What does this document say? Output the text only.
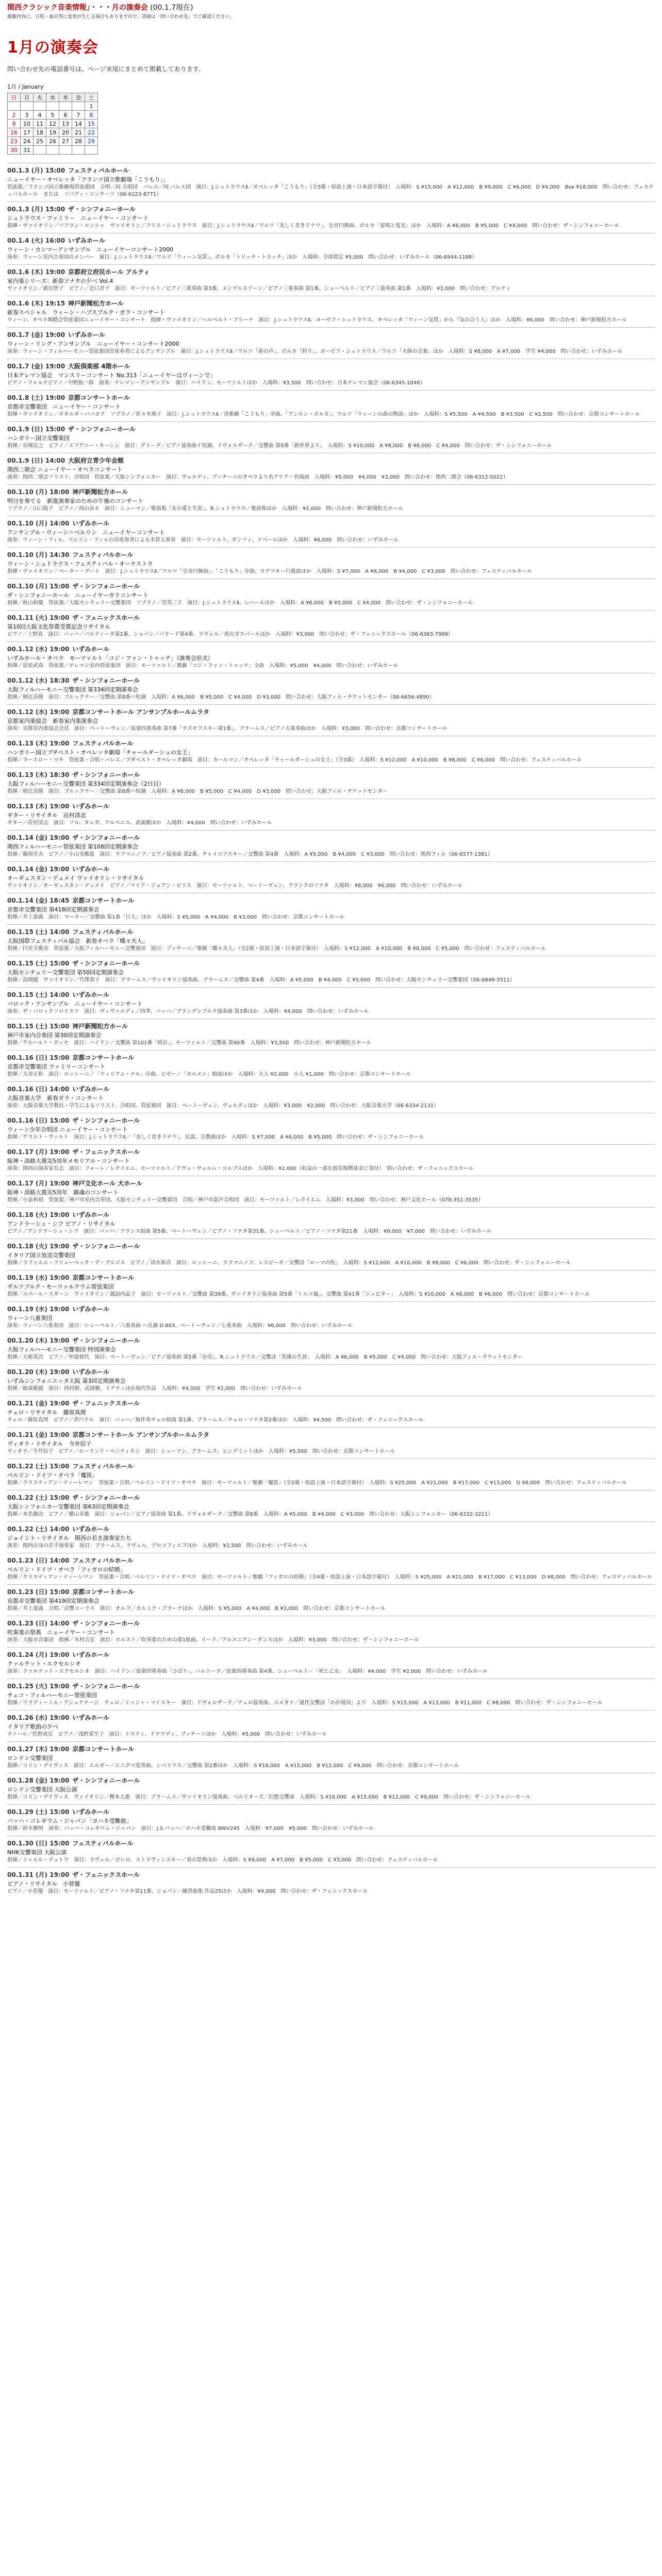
関西クラシック音楽情報」・・・月の演奏会 (00.1.7現在)
掲載内容に、日程・曲目等に変更が生じる場合もありますので、詳細は「問い合わせ先」でご確認ください。
1月の演奏会
問い合わせ先の電話番号は、ページ末尾にまとめて掲載してあります。
1月 / January
日	月	火	水	木	金	土
						1
2	3	4	5	6	7	8
9	10	11	12	13	14	15
16	17	18	19	20	21	22
23	24	25	26	27	28	29
30	31					
00.1.3 (月) 15:00 フェスティバルホール
ニューイヤー・オペレッタ「フランツ国立歌劇場「こうもり」」
管弦楽／フランツ国立歌劇場管弦楽団　合唱／同 合唱団　バレエ／同 バレエ団　演目：J.シュトラウスⅡ／オペレッタ「こうもり」（全3幕・原語上演・日本語字幕付）　入場料：S ¥15,000　A ¥12,000　B ¥9,000　C ¥6,000　D ¥4,000　Box ¥18,000　問い合わせ：フェスティバルホール　または　ソバディ・コンサーツ（06-6223-8771）
00.1.3 (月) 15:00 ザ・シンフォニーホール
シュトラウス・ファミリー　ニューイヤー・コンサート
指揮・ヴァイオリン／ソフラン・ロンシャ　ヴァイオリン／フリス・シュトラウス　演目：J.シュトラウスⅡ／ワルツ「美しく青きドナウ」、皇帝円舞曲、ポルカ「雷鳴と電光」ほか　入場料：A ¥6,000　B ¥5,000　C ¥4,000　問い合わせ：ザ・シンフォニーホール
00.1.4 (火) 16:00 いずみホール
ウィーン・カンマーアンサンブル　ニューイヤーコンサート2000
演奏：ウィーン室内合奏団のメンバー　演目：J.シュトラウスⅡ／ワルツ「ウィーン気質」、ポルカ「トリッチ・トラッチ」ほか　入場料：全席指定 ¥5,000　問い合わせ：いずみホール（06-6944-1188）
00.1.6 (木) 19:00 京都府立府民ホール アルティ
室内楽シリーズ：新春ソナタの夕べ Vol.4
ヴァイオリン／新田智子　ピアノ／北口君子　演目：モーツァルト／ピアノ三重奏曲 第3番、メンデルスゾーン／ピアノ三重奏曲 第1番、シューベルト／ピアノ三重奏曲 第1番　入場料：¥3,000　問い合わせ：アルティ
00.1.6 (木) 19:15 神戸新聞松方ホール
新春スペシャル　ウィーン・ハプスブルク・ガラ・コンサート
ウィーン、オペラ舞踏会管弦楽団ニューイヤー・コンサート　指揮・ヴァイオリン／ヘルベルト・ブリーナ　演目：J.シュトラウスⅡ、ヨーゼフ・シュトラウス、オペレッタ「ウィーン気質」から『気の合う人』ほか　入場料：¥6,000　問い合わせ：神戸新聞松方ホール
00.1.7 (金) 19:00 いずみホール
ウィーン・リング・アンサンブル　ニューイヤー・コンサート2000
演奏：ウィーン・フィルハーモニー管弦楽団首席奏者によるアンサンブル　演目：J.シュトラウスⅡ／ワルツ「春の声」、ポルカ「狩り」、ヨーゼフ・シュトラウス／ワルツ「天体の音楽」ほか　入場料：S ¥8,000　A ¥7,000　学生 ¥4,000　問い合わせ：いずみホール
00.1.7 (金) 19:00 大阪倶楽部 4階ホール
日本テレマン協会　マンスリーコンサート No.313「ニューイヤーはヴィーンで」
ピアノ・フォルテピアノ／中野振一郎　演奏：テレマン・アンサンブル　演目：ハイドン、モーツァルトほか　入場料：¥3,500　問い合わせ：日本テレマン協会（06-6345-1046）
00.1.8 (土) 19:00 京都コンサートホール
京都市交響楽団　ニューイヤー・コンサート
指揮・ヴァイオリン／ギオルギ・ババヨフ　ソプラノ／佐々木典子　演目：J.シュトラウスⅡ／喜歌劇「こうもり」序曲、「アンネン・ポルカ」、ワルツ「ウィーンの森の物語」ほか　入場料：S ¥5,500　A ¥4,500　B ¥3,500　C ¥2,500　問い合わせ：京都コンサートホール
00.1.9 (日) 15:00 ザ・シンフォニーホール
ハンガリー国立交響楽団
指揮／岩城宏之　ピアノ／エフゲニー・キーシン　演目：グリーグ／ピアノ協奏曲イ短調、ドヴォルザーク／交響曲 第9番「新世界より」　入場料：S ¥10,000　A ¥8,000　B ¥6,000　C ¥4,000　問い合わせ：ザ・シンフォニーホール
00.1.9 (日) 14:00 大阪府立青少年会館
関西二期会 ニューイヤー・オペラコンサート
演奏：関西二期会ソリスト、合唱団　管弦楽／大阪シンフォニカー　演目：ヴェルディ、プッチーニのオペラより名アリア・名場面　入場料：¥5,000　¥4,000　¥3,000　問い合わせ：関西二期会（06-6312-5022）
00.1.10 (月) 18:00 神戸新聞松方ホール
明日を奏でる　新進演奏家のための午後のコンサート
ソプラノ／山口陽子　ピアノ／西山奈々　演目：シューマン／歌曲集「女の愛と生涯」、R.シュトラウス／歌曲集ほか　入場料：¥2,000　問い合わせ：神戸新聞松方ホール
00.1.10 (月) 14:00 いずみホール
アンサンブル・ウィーン＝ベルリン　ニューイヤーコンサート
演奏：ウィーン・フィル、ベルリン・フィルの首席奏者による木管五重奏　演目：モーツァルト、ダンツィ、イベールほか　入場料：¥6,000　問い合わせ：いずみホール
00.1.10 (月) 14:30 フェスティバルホール
ウィーン・シュトラウス・フェスティバル・オーケストラ
指揮・ヴァイオリン／ペーター・グート　演目：J.シュトラウスⅡ／ワルツ「皇帝円舞曲」、「こうもり」序曲、ラデツキー行進曲ほか　入場料：S ¥7,000　A ¥6,000　B ¥4,000　C ¥3,000　問い合わせ：フェスティバルホール
00.1.10 (月) 15:00 ザ・シンフォニーホール
ザ・シンフォニーホール　ニューイヤーガラコンサート
指揮／秋山和慶　管弦楽／大阪センチュリー交響楽団　ソプラノ／菅英三子　演目：J.シュトラウスⅡ、レハールほか　入場料：A ¥6,000　B ¥5,000　C ¥4,000　問い合わせ：ザ・シンフォニーホール
00.1.11 (火) 19:00 ザ・フェニックスホール
第10回大阪文化祭賞受賞記念リサイタル
ピアノ／上野真　演目：バッハ／パルティータ第2番、ショパン／バラード第4番、ラヴェル／夜のガスパールほか　入場料：¥3,000　問い合わせ：ザ・フェニックスホール（06-6363-7999）
00.1.12 (水) 19:00 いずみホール
いずみホール・オペラ　モーツァルト「コジ・ファン・トゥッテ」（演奏会形式）
指揮／延原武春　管弦楽／テレマン室内管弦楽団　演目：モーツァルト／歌劇「コジ・ファン・トゥッテ」全曲　入場料：¥5,000　¥4,000　問い合わせ：いずみホール
00.1.12 (水) 18:30 ザ・シンフォニーホール
大阪フィルハーモニー交響楽団 第334回定期演奏会
指揮／朝比奈隆　演目：ブルックナー／交響曲 第8番ハ短調　入場料：A ¥6,000　B ¥5,000　C ¥4,000　D ¥3,000　問い合わせ：大阪フィル・チケットセンター（06-6656-4890）
00.1.12 (水) 19:00 京都コンサートホール アンサンブルホールムラタ
京都室内楽協会　新春室内楽演奏会
演奏：京都室内楽協会会員　演目：ベートーヴェン／弦楽四重奏曲 第7番「ラズモフスキー第1番」、ブラームス／ピアノ五重奏曲ほか　入場料：¥3,000　問い合わせ：京都コンサートホール
00.1.13 (木) 19:00 フェスティバルホール
ハンガリー国立ブダペスト・オペレッタ劇場「チャールダーシュの女王」
指揮／ラースロー・マキ　管弦楽・合唱・バレエ／ブダペスト・オペレッタ劇場　演目：カールマン／オペレッタ「チャールダーシュの女王」（全3幕）　入場料：S ¥12,000　A ¥10,000　B ¥8,000　C ¥6,000　問い合わせ：フェスティバルホール
00.1.13 (木) 18:30 ザ・シンフォニーホール
大阪フィルハーモニー交響楽団 第334回定期演奏会（2日目）
指揮／朝比奈隆　演目：ブルックナー／交響曲 第8番ハ短調　入場料：A ¥6,000　B ¥5,000　C ¥4,000　D ¥3,000　問い合わせ：大阪フィル・チケットセンター
00.1.13 (木) 19:00 いずみホール
ギター・リサイタル　荘村清志
ギター／荘村清志　演目：ソル、タレガ、アルベニス、武満徹ほか　入場料：¥4,000　問い合わせ：いずみホール
00.1.14 (金) 19:00 ザ・シンフォニーホール
関西フィルハーモニー管弦楽団 第108回定期演奏会
指揮／藤岡幸夫　ピアノ／小山実稚恵　演目：ラフマニノフ／ピアノ協奏曲 第2番、チャイコフスキー／交響曲 第4番　入場料：A ¥5,000　B ¥4,000　C ¥3,000　問い合わせ：関西フィル（06-6577-1381）
00.1.14 (金) 19:00 いずみホール
オーギュスタン・デュメイ ヴァイオリン・リサイタル
ヴァイオリン／オーギュスタン・デュメイ　ピアノ／マリア・ジョアン・ピリス　演目：モーツァルト、ベートーヴェン、フランクのソナタ　入場料：¥8,000　¥6,000　問い合わせ：いずみホール
00.1.14 (金) 18:45 京都コンサートホール
京都市交響楽団 第418回定期演奏会
指揮／井上道義　演目：マーラー／交響曲 第1番「巨人」ほか　入場料：S ¥5,000　A ¥4,000　B ¥3,000　問い合わせ：京都コンサートホール
00.1.15 (土) 14:00 フェスティバルホール
大阪国際フェスティバル協会　新春オペラ「蝶々夫人」
指揮／円光寺雅彦　管弦楽／大阪フィルハーモニー交響楽団　演目：プッチーニ／歌劇「蝶々夫人」（全2幕・原語上演・日本語字幕付）　入場料：S ¥12,000　A ¥10,000　B ¥8,000　C ¥5,000　問い合わせ：フェスティバルホール
00.1.15 (土) 15:00 ザ・シンフォニーホール
大阪センチュリー交響楽団 第50回定期演奏会
指揮／高関健　ヴァイオリン／竹澤恭子　演目：ブラームス／ヴァイオリン協奏曲、ブラームス／交響曲 第4番　入場料：A ¥5,000　B ¥4,000　C ¥3,000　問い合わせ：大阪センチュリー交響楽団（06-6848-3311）
00.1.15 (土) 14:00 いずみホール
バロック・アンサンブル　ニューイヤー・コンサート
演奏：ザ・バロックソロイスツ　演目：ヴィヴァルディ／四季、バッハ／ブランデンブルク協奏曲 第3番ほか　入場料：¥4,000　問い合わせ：いずみホール
00.1.15 (土) 15:00 神戸新聞松方ホール
神戸市室内合奏団 第30回定期演奏会
指揮／ゲルハルト・ボッセ　演目：ハイドン／交響曲 第101番「時計」、モーツァルト／交響曲 第40番　入場料：¥3,500　問い合わせ：神戸新聞松方ホール
00.1.16 (日) 15:00 京都コンサートホール
京都市交響楽団 ファミリーコンサート
指揮／大谷正和　演目：ロッシーニ／「ウィリアム・テル」序曲、ビゼー／「カルメン」組曲ほか　入場料：大人 ¥2,000　小人 ¥1,000　問い合わせ：京都コンサートホール
00.1.16 (日) 14:00 いずみホール
大阪音楽大学　新春ガラ・コンサート
演奏：大阪音楽大学教員・学生によるソリスト、合唱団、管弦楽団　演目：ベートーヴェン、ヴェルディほか　入場料：¥3,000　¥2,000　問い合わせ：大阪音楽大学（06-6334-2131）
00.1.16 (日) 15:00 ザ・シンフォニーホール
ウィーン少年合唱団 ニューイヤー・コンサート
指揮／ゲラルト・ヴィルト　演目：J.シュトラウスⅡ／「美しく青きドナウ」、民謡、宗教曲ほか　入場料：S ¥7,000　A ¥6,000　B ¥5,000　問い合わせ：ザ・シンフォニーホール
00.1.17 (月) 19:00 ザ・フェニックスホール
阪神・淡路大震災5周年メモリアル・コンサート
演奏：関西の演奏家有志　演目：フォーレ／レクイエム、モーツァルト／アヴェ・ヴェルム・コルプスほか　入場料：¥2,000（収益の一部を震災復興基金に寄付）　問い合わせ：ザ・フェニックスホール
00.1.17 (月) 19:00 神戸文化ホール 大ホール
阪神・淡路大震災5周年　鎮魂のコンサート
指揮／小泉和裕　管弦楽／神戸市室内合奏団、大阪センチュリー交響楽団　合唱／神戸市混声合唱団　演目：モーツァルト／レクイエム　入場料：¥3,000　問い合わせ：神戸文化ホール（078-351-3535）
00.1.18 (火) 19:00 いずみホール
アンドラーシュ・シフ ピアノ・リサイタル
ピアノ／アンドラーシュ・シフ　演目：バッハ／フランス組曲 第5番、ベートーヴェン／ピアノ・ソナタ第31番、シューベルト／ピアノ・ソナタ第21番　入場料：¥9,000　¥7,000　問い合わせ：いずみホール
00.1.18 (火) 19:00 ザ・シンフォニーホール
イタリア国立放送交響楽団
指揮／ラファエル・フリューベック・デ・ブルゴス　ピアノ／清水和音　演目：ロッシーニ、ラフマニノフ、レスピーギ／交響詩「ローマの松」　入場料：S ¥12,000　A ¥10,000　B ¥8,000　C ¥6,000　問い合わせ：ザ・シンフォニーホール
00.1.19 (水) 19:00 京都コンサートホール
ザルツブルク・モーツァルテウム管弦楽団
指揮／ユベール・スダーン　ヴァイオリン／諏訪内晶子　演目：モーツァルト／交響曲 第39番、ヴァイオリン協奏曲 第5番「トルコ風」、交響曲 第41番「ジュピター」　入場料：S ¥10,000　A ¥8,000　B ¥6,000　問い合わせ：京都コンサートホール
00.1.19 (水) 19:00 いずみホール
ウィーン八重奏団
演奏：ウィーン八重奏団　演目：シューベルト／八重奏曲 ヘ長調 D.803、ベートーヴェン／七重奏曲　入場料：¥6,000　問い合わせ：いずみホール
00.1.20 (木) 19:00 ザ・シンフォニーホール
大阪フィルハーモニー交響楽団 特別演奏会
指揮／大植英次　ピアノ／仲道郁代　演目：ベートーヴェン／ピアノ協奏曲 第5番「皇帝」、R.シュトラウス／交響詩「英雄の生涯」　入場料：A ¥6,000　B ¥5,000　C ¥4,000　問い合わせ：大阪フィル・チケットセンター
00.1.20 (木) 19:00 いずみホール
いずみシンフォニエッタ大阪 第3回定期演奏会
指揮／飯森範親　演目：西村朗、武満徹、リゲティほか現代作品　入場料：¥4,000　学生 ¥2,000　問い合わせ：いずみホール
00.1.21 (金) 19:00 ザ・フェニックスホール
チェロ・リサイタル　藤原真理
チェロ／藤原真理　ピアノ／倉戸テル　演目：バッハ／無伴奏チェロ組曲 第1番、ブラームス／チェロ・ソナタ第2番ほか　入場料：¥4,500　問い合わせ：ザ・フェニックスホール
00.1.21 (金) 19:00 京都コンサートホール アンサンブルホールムラタ
ヴィオラ・リサイタル　今井信子
ヴィオラ／今井信子　ピアノ／ローランド・ペンティネン　演目：シューマン、ブラームス、ヒンデミットほか　入場料：¥5,000　問い合わせ：京都コンサートホール
00.1.22 (土) 15:00 フェスティバルホール
ベルリン・ドイツ・オペラ「魔笛」
指揮／クリスティアン・ティーレマン　管弦楽・合唱／ベルリン・ドイツ・オペラ　演目：モーツァルト／歌劇「魔笛」（全2幕・原語上演・日本語字幕付）　入場料：S ¥25,000　A ¥21,000　B ¥17,000　C ¥13,000　D ¥8,000　問い合わせ：フェスティバルホール
00.1.22 (土) 15:00 ザ・シンフォニーホール
大阪シンフォニカー交響楽団 第63回定期演奏会
指揮／本名徹次　ピアノ／横山幸雄　演目：ショパン／ピアノ協奏曲 第1番、ドヴォルザーク／交響曲 第8番　入場料：A ¥5,000　B ¥4,000　C ¥3,000　問い合わせ：大阪シンフォニカー（06-6332-3211）
00.1.22 (土) 14:00 いずみホール
ジョイント・リサイタル　関西の若き演奏家たち
演奏：関西出身の若手演奏家　演目：ブラームス、ラヴェル、プロコフィエフほか　入場料：¥2,500　問い合わせ：いずみホール
00.1.23 (日) 14:00 フェスティバルホール
ベルリン・ドイツ・オペラ「フィガロの結婚」
指揮／クリスティアン・ティーレマン　管弦楽・合唱／ベルリン・ドイツ・オペラ　演目：モーツァルト／歌劇「フィガロの結婚」（全4幕・原語上演・日本語字幕付）　入場料：S ¥25,000　A ¥21,000　B ¥17,000　C ¥13,000　D ¥8,000　問い合わせ：フェスティバルホール
00.1.23 (日) 15:00 京都コンサートホール
京都市交響楽団 第419回定期演奏会
指揮／井上道義　合唱／京響コーラス　演目：オルフ／カルミナ・ブラーナほか　入場料：S ¥5,000　A ¥4,000　B ¥3,000　問い合わせ：京都コンサートホール
00.1.23 (日) 14:00 ザ・シンフォニーホール
吹奏楽の祭典　ニューイヤー・コンサート
演奏：大阪市音楽団　指揮／木村吉宏　演目：ホルスト／吹奏楽のための第1組曲、リード／アルメニアン・ダンスほか　入場料：¥3,000　問い合わせ：ザ・シンフォニーホール
00.1.24 (月) 19:00 いずみホール
クァルテット・エクセルシオ
演奏：クァルテット・エクセルシオ　演目：ハイドン／弦楽四重奏曲「ひばり」、バルトーク／弦楽四重奏曲 第4番、シューベルト／「死と乙女」　入場料：¥4,000　学生 ¥2,000　問い合わせ：いずみホール
00.1.25 (火) 19:00 ザ・シンフォニーホール
チェコ・フィルハーモニー管弦楽団
指揮／ウラディーミル・アシュケナージ　チェロ／ミッシャ・マイスキー　演目：ドヴォルザーク／チェロ協奏曲、スメタナ／連作交響詩「わが祖国」より　入場料：S ¥15,000　A ¥13,000　B ¥11,000　C ¥8,000　問い合わせ：ザ・シンフォニーホール
00.1.26 (水) 19:00 いずみホール
イタリア歌曲の夕べ
テノール／佐野成宏　ピアノ／浅野菜生子　演目：トスティ、ドナウディ、プッチーニほか　入場料：¥5,000　問い合わせ：いずみホール
00.1.27 (木) 19:00 京都コンサートホール
ロンドン交響楽団
指揮／コリン・デイヴィス　演目：エルガー／エニグマ変奏曲、シベリウス／交響曲 第2番ほか　入場料：S ¥18,000　A ¥15,000　B ¥12,000　C ¥9,000　問い合わせ：京都コンサートホール
00.1.28 (金) 19:00 ザ・シンフォニーホール
ロンドン交響楽団 大阪公演
指揮／コリン・デイヴィス　ヴァイオリン／樫本大進　演目：ブラームス／ヴァイオリン協奏曲、ベルリオーズ／幻想交響曲　入場料：S ¥18,000　A ¥15,000　B ¥12,000　C ¥9,000　問い合わせ：ザ・シンフォニーホール
00.1.29 (土) 15:00 いずみホール
バッハ・コレギウム・ジャパン「ヨハネ受難曲」
指揮／鈴木雅明　演奏：バッハ・コレギウム・ジャパン　演目：J.S.バッハ／ヨハネ受難曲 BWV245　入場料：¥7,000　¥5,000　問い合わせ：いずみホール
00.1.30 (日) 15:00 フェスティバルホール
NHK交響楽団 大阪公演
指揮／シャルル・デュトワ　演目：ラヴェル／ボレロ、ストラヴィンスキー／春の祭典ほか　入場料：S ¥9,000　A ¥7,000　B ¥5,000　C ¥3,000　問い合わせ：フェスティバルホール
00.1.31 (月) 19:00 ザ・フェニックスホール
ピアノ・リサイタル　小菅優
ピアノ／小菅優　演目：モーツァルト／ピアノ・ソナタ第11番、ショパン／練習曲集 作品25ほか　入場料：¥4,000　問い合わせ：ザ・フェニックスホール
